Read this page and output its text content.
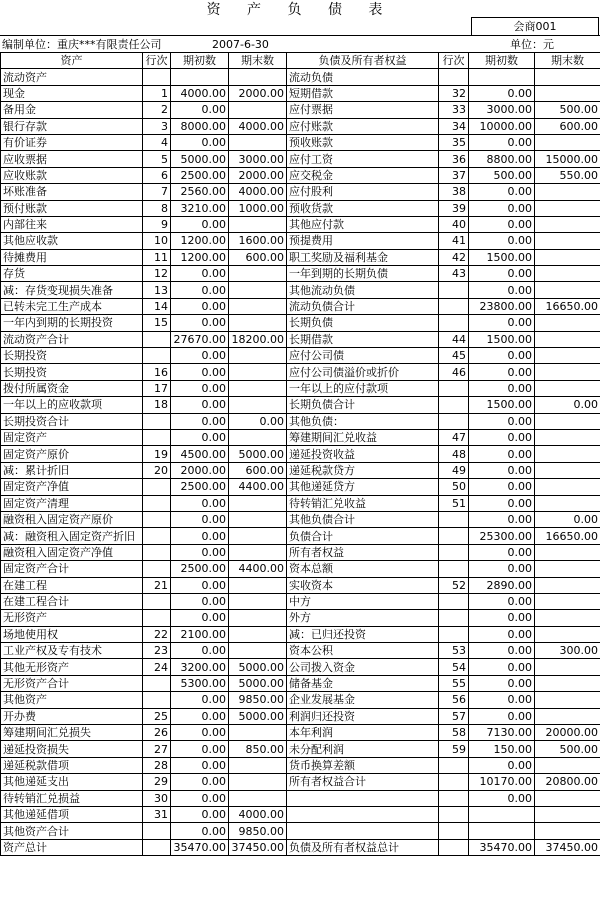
资 产 负 债 表
会商001
编制单位：重庆***有限责任公司	2007-6-30	单位：元
资产	行次	期初数	期末数	负债及所有者权益	行次	期初数	期末数
流动资产				流动负债			
现金	1	4000.00	2000.00	短期借款	32	0.00	
备用金	2	0.00		应付票据	33	3000.00	500.00
银行存款	3	8000.00	4000.00	应付账款	34	10000.00	600.00
有价证券	4	0.00		预收账款	35	0.00	
应收票据	5	5000.00	3000.00	应付工资	36	8800.00	15000.00
应收账款	6	2500.00	2000.00	应交税金	37	500.00	550.00
坏账准备	7	2560.00	4000.00	应付股利	38	0.00	
预付账款	8	3210.00	1000.00	预收货款	39	0.00	
内部往来	9	0.00		其他应付款	40	0.00	
其他应收款	10	1200.00	1600.00	预提费用	41	0.00	
待摊费用	11	1200.00	600.00	职工奖励及福利基金	42	1500.00	
存货	12	0.00		一年到期的长期负债	43	0.00	
减：存货变现损失准备	13	0.00		其他流动负债		0.00	
已转未完工生产成本	14	0.00		流动负债合计		23800.00	16650.00
一年内到期的长期投资	15	0.00		长期负债		0.00	
流动资产合计		27670.00	18200.00	长期借款	44	1500.00	
长期投资		0.00		应付公司债	45	0.00	
长期投资	16	0.00		应付公司债溢价或折价	46	0.00	
拨付所属资金	17	0.00		一年以上的应付款项		0.00	
一年以上的应收款项	18	0.00		长期负债合计		1500.00	0.00
长期投资合计		0.00	0.00	其他负债：		0.00	
固定资产		0.00		筹建期间汇兑收益	47	0.00	
固定资产原价	19	4500.00	5000.00	递延投资收益	48	0.00	
减：累计折旧	20	2000.00	600.00	递延税款贷方	49	0.00	
固定资产净值		2500.00	4400.00	其他递延贷方	50	0.00	
固定资产清理		0.00		待转销汇兑收益	51	0.00	
融资租入固定资产原价		0.00		其他负债合计		0.00	0.00
减：融资租入固定资产折旧		0.00		负债合计		25300.00	16650.00
融资租入固定资产净值		0.00		所有者权益		0.00	
固定资产合计		2500.00	4400.00	资本总额		0.00	
在建工程	21	0.00		实收资本	52	2890.00	
在建工程合计		0.00		中方		0.00	
无形资产		0.00		外方		0.00	
场地使用权	22	2100.00		减：已归还投资		0.00	
工业产权及专有技术	23	0.00		资本公积	53	0.00	300.00
其他无形资产	24	3200.00	5000.00	公司拨入资金	54	0.00	
无形资产合计		5300.00	5000.00	储备基金	55	0.00	
其他资产		0.00	9850.00	企业发展基金	56	0.00	
开办费	25	0.00	5000.00	利润归还投资	57	0.00	
筹建期间汇兑损失	26	0.00		本年利润	58	7130.00	20000.00
递延投资损失	27	0.00	850.00	未分配利润	59	150.00	500.00
递延税款借项	28	0.00		货币换算差额		0.00	
其他递延支出	29	0.00		所有者权益合计		10170.00	20800.00
待转销汇兑损益	30	0.00				0.00	
其他递延借项	31	0.00	4000.00				
其他资产合计		0.00	9850.00				
资产总计		35470.00	37450.00	负债及所有者权益总计		35470.00	37450.00
